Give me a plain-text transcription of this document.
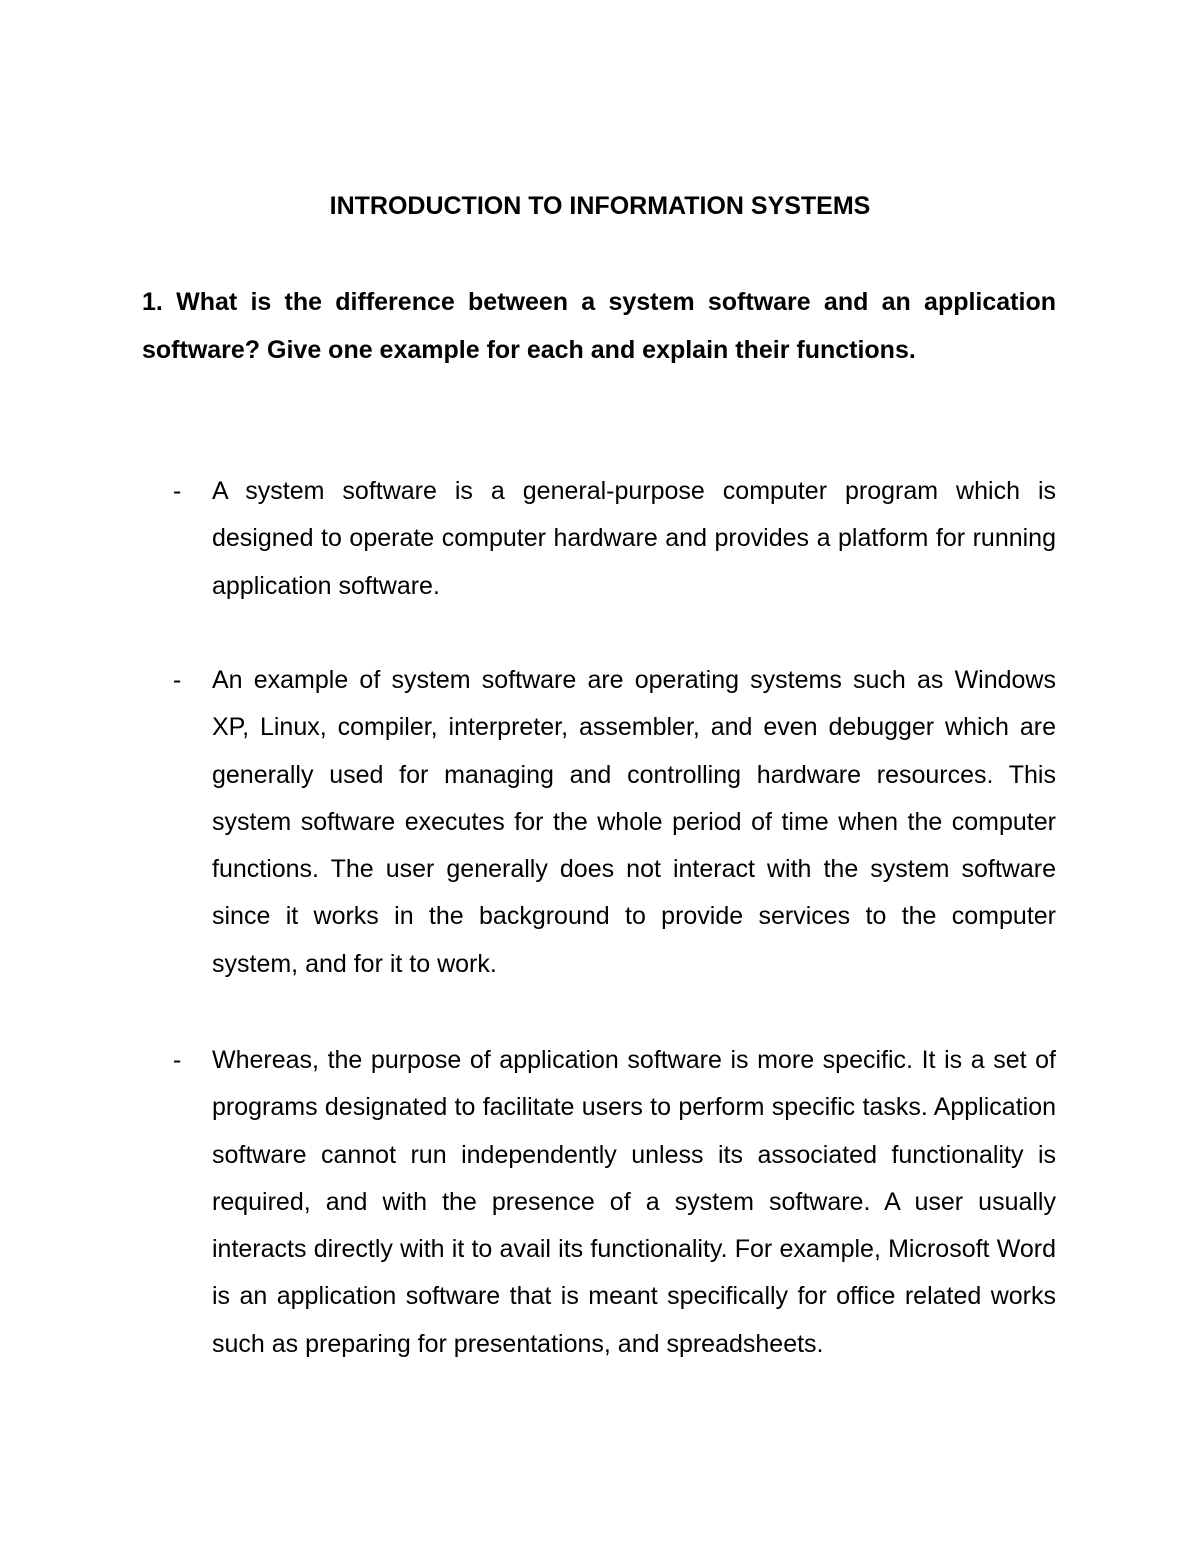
INTRODUCTION TO INFORMATION SYSTEMS
1. What is the difference between a system software and an application software? Give one example for each and explain their functions.
- A system software is a general-purpose computer program which is designed to operate computer hardware and provides a platform for running application software.
- An example of system software are operating systems such as Windows XP, Linux, compiler, interpreter, assembler, and even debugger which are generally used for managing and controlling hardware resources. This system software executes for the whole period of time when the computer functions. The user generally does not interact with the system software since it works in the background to provide services to the computer system, and for it to work.
- Whereas, the purpose of application software is more specific. It is a set of programs designated to facilitate users to perform specific tasks. Application software cannot run independently unless its associated functionality is required, and with the presence of a system software. A user usually interacts directly with it to avail its functionality. For example, Microsoft Word is an application software that is meant specifically for office related works such as preparing for presentations, and spreadsheets.
